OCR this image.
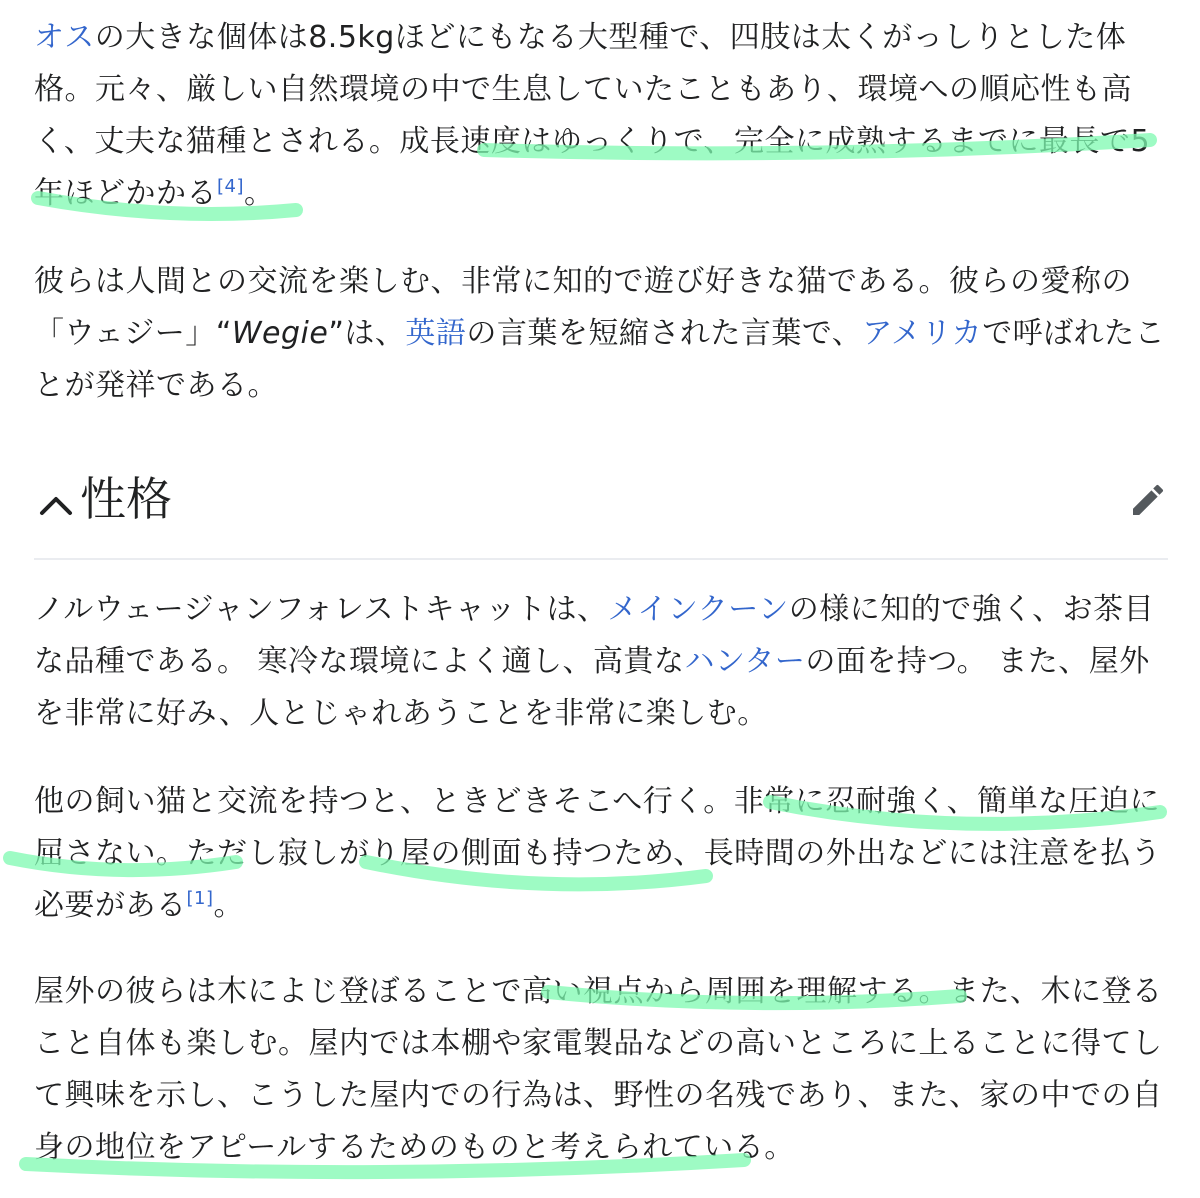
オスの大きな個体は8.5kgほどにもなる大型種で、四肢は太くがっしりとした体格。元々、厳しい自然環境の中で生息していたこともあり、環境への順応性も高く、丈夫な猫種とされる。成長速度はゆっくりで、完全に成熟するまでに最長で5年ほどかかる[4]。
彼らは人間との交流を楽しむ、非常に知的で遊び好きな猫である。彼らの愛称の「ウェジー」“Wegie”は、英語の言葉を短縮された言葉で、アメリカで呼ばれたことが発祥である。
性格
ノルウェージャンフォレストキャットは、メインクーンの様に知的で強く、お茶目な品種である。 寒冷な環境によく適し、高貴なハンターの面を持つ。 また、屋外を非常に好み、人とじゃれあうことを非常に楽しむ。
他の飼い猫と交流を持つと、ときどきそこへ行く。非常に忍耐強く、簡単な圧迫に屈さない。ただし寂しがり屋の側面も持つため、長時間の外出などには注意を払う必要がある[1]。
屋外の彼らは木によじ登ぼることで高い視点から周囲を理解する。また、木に登ること自体も楽しむ。屋内では本棚や家電製品などの高いところに上ることに得てして興味を示し、こうした屋内での行為は、野性の名残であり、また、家の中での自身の地位をアピールするためのものと考えられている。
